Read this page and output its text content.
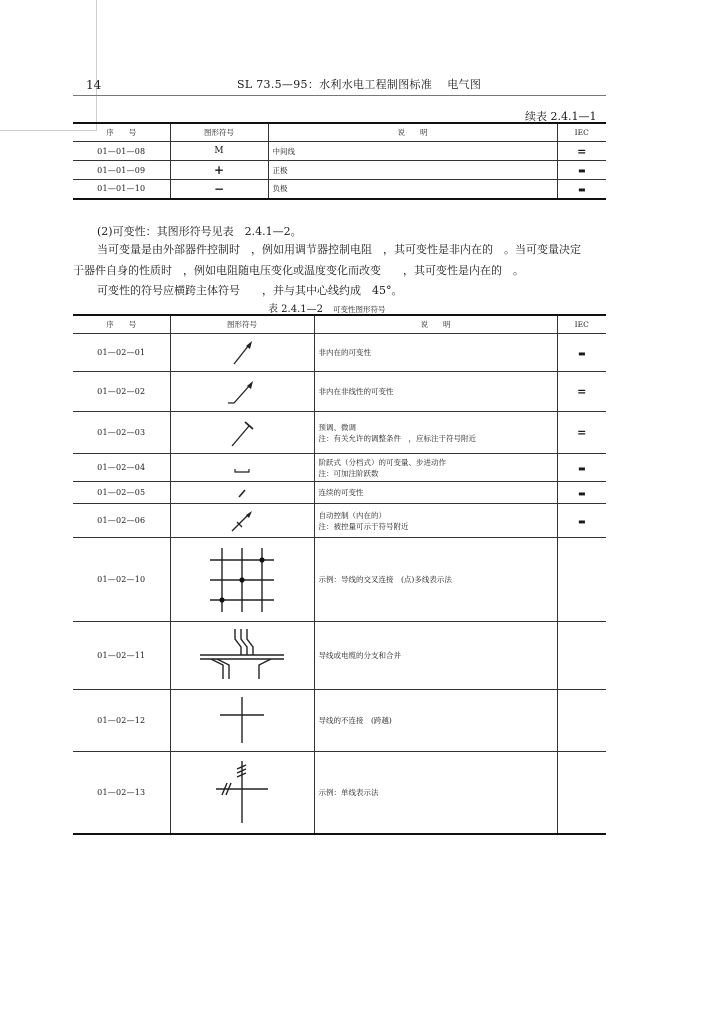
14	SL 73.5—95：水利水电工程制图标准　 电气图
续表 2.4.1—1
序　　号	图形符号	说　　明	IEC
01—01—08	M	中间线	=
01—01—09	+	正极	▬
01—01—10	−	负极	▬
(2)可变性：其图形符号见表　2.4.1—2。
当可变量是由外部器件控制时　，例如用调节器控制电阻　，其可变性是非内在的　。当可变量决定
于器件自身的性质时　，例如电阻随电压变化或温度变化而改变　　，其可变性是内在的　。
可变性的符号应横跨主体符号　　，并与其中心线约成　45°。
表 2.4.1—2 可变性图形符号
序　　号	图形符号	说　　明	IEC
01—02—01		非内在的可变性	▬
01—02—02		非内在非线性的可变性	=
01—02—03		预调、微调
注：有关允许的调整条件　，应标注于符号附近	=
01—02—04		阶跃式（分档式）的可变量、步进动作
注：可加注阶跃数	▬
01—02—05		连续的可变性	▬
01—02—06		自动控制（内在的）
注：被控量可示于符号附近	▬
01—02—10		示例：导线的交叉连接　(点)多线表示法	

01—02—11		导线或电缆的分支和合并	

01—02—12		导线的不连接　(跨越)	

01—02—13		示例：单线表示法	
